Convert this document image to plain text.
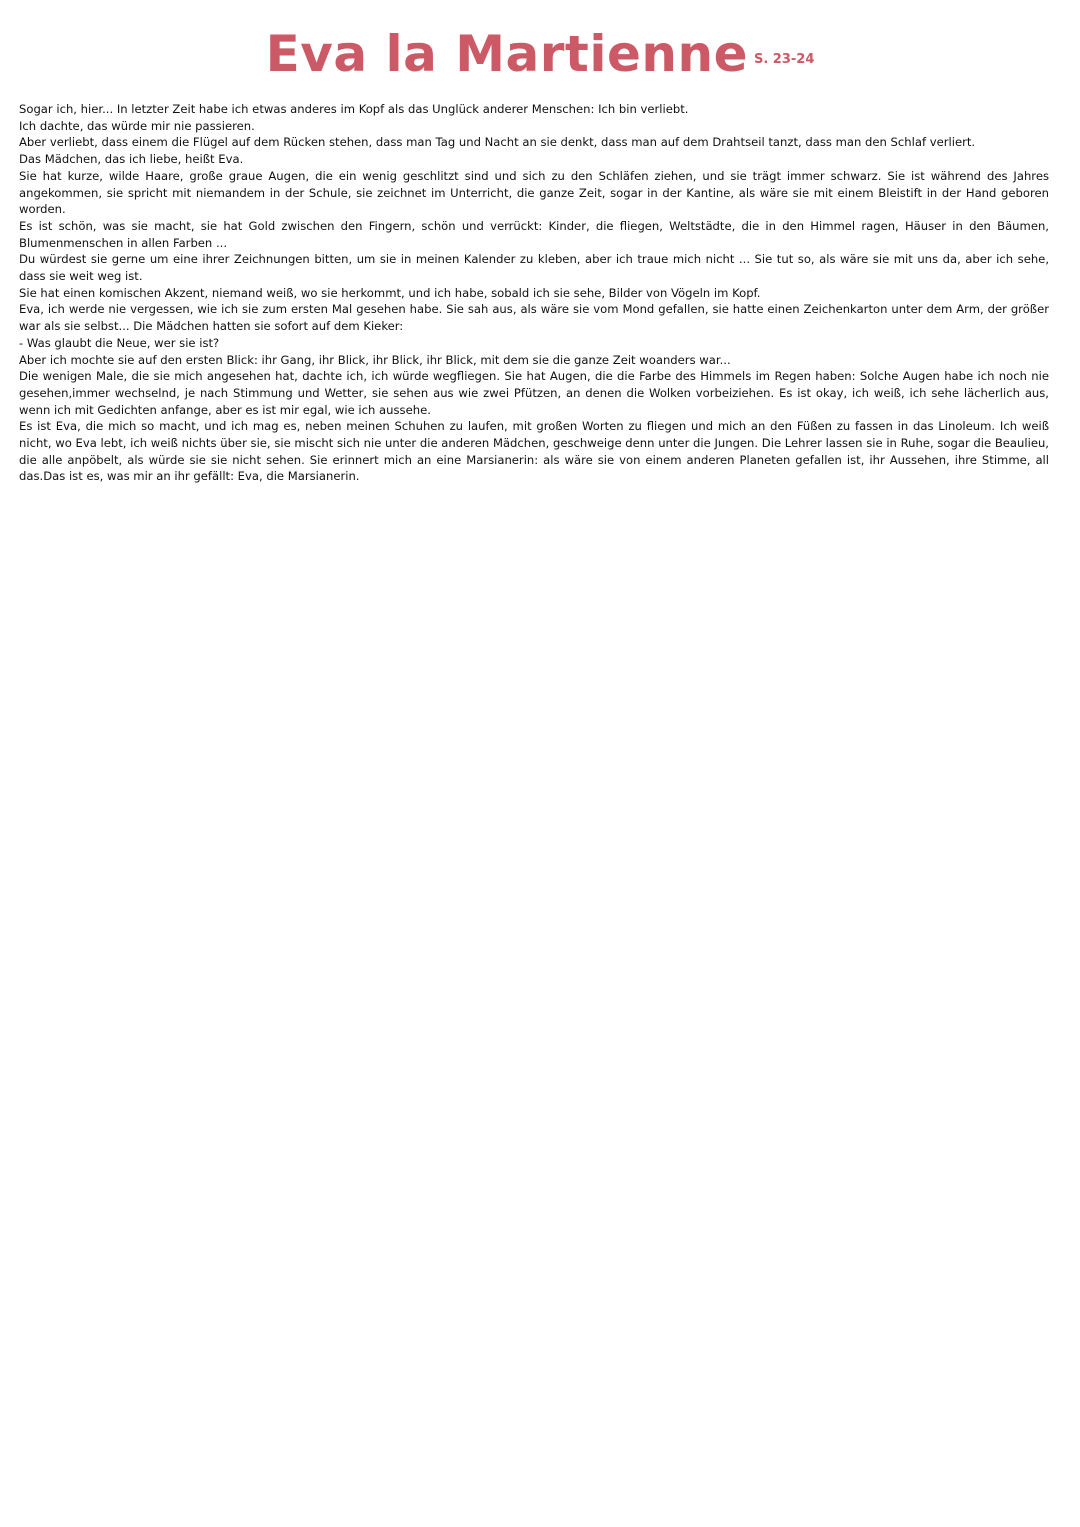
Eva la Martienne $^{S. 23-24}$

Sogar ich, hier... In letzter Zeit habe ich etwas anderes im Kopf als das Unglück anderer Menschen: Ich bin verliebt.

Ich dachte, das würde mir nie passieren.

Aber verliebt, dass einem die Flügel auf dem Rücken stehen, dass man Tag und Nacht an sie denkt, dass man auf dem Drahtseil tanzt, dass man den Schlaf verliert.

Das Mädchen, das ich liebe, heißt Eva.

Sie hat kurze, wilde Haare, große graue Augen, die ein wenig geschlitzt sind und sich zu den Schläfen ziehen, und sie trägt immer schwarz. Sie ist während des Jahres angekommen, sie spricht mit niemandem in der Schule, sie zeichnet im Unterricht, die ganze Zeit, sogar in der Kantine, als wäre sie mit einem Bleistift in der Hand geboren worden.

Es ist schön, was sie macht, sie hat Gold zwischen den Fingern, schön und verrückt: Kinder, die fliegen, Weltstädte, die in den Himmel ragen, Häuser in den Bäumen, Blumenmenschen in allen Farben ...

Du würdest sie gerne um eine ihrer Zeichnungen bitten, um sie in meinen Kalender zu kleben, aber ich traue mich nicht ... Sie tut so, als wäre sie mit uns da, aber ich sehe, dass sie weit weg ist.

Sie hat einen komischen Akzent, niemand weiß, wo sie herkommt, und ich habe, sobald ich sie sehe, Bilder von Vögeln im Kopf.

Eva, ich werde nie vergessen, wie ich sie zum ersten Mal gesehen habe. Sie sah aus, als wäre sie vom Mond gefallen, sie hatte einen Zeichenkarton unter dem Arm, der größer war als sie selbst... Die Mädchen hatten sie sofort auf dem Kieker:

- Was glaubt die Neue, wer sie ist?

Aber ich mochte sie auf den ersten Blick: ihr Gang, ihr Blick, ihr Blick, ihr Blick, mit dem sie die ganze Zeit woanders war...

Die wenigen Male, die sie mich angesehen hat, dachte ich, ich würde wegfliegen. Sie hat Augen, die die Farbe des Himmels im Regen haben: Solche Augen habe ich noch nie gesehen,immer wechselnd, je nach Stimmung und Wetter, sie sehen aus wie zwei Pfützen, an denen die Wolken vorbeiziehen. Es ist okay, ich weiß, ich sehe lächerlich aus, wenn ich mit Gedichten anfange, aber es ist mir egal, wie ich aussehe.

Es ist Eva, die mich so macht, und ich mag es, neben meinen Schuhen zu laufen, mit großen Worten zu fliegen und mich an den Füßen zu fassen in das Linoleum. Ich weiß nicht, wo Eva lebt, ich weiß nichts über sie, sie mischt sich nie unter die anderen Mädchen, geschweige denn unter die Jungen. Die Lehrer lassen sie in Ruhe, sogar die Beaulieu, die alle anpöbelt, als würde sie sie nicht sehen. Sie erinnert mich an eine Marsianerin: als wäre sie von einem anderen Planeten gefallen ist, ihr Aussehen, ihre Stimme, all das.Das ist es, was mir an ihr gefällt: Eva, die Marsianerin.
